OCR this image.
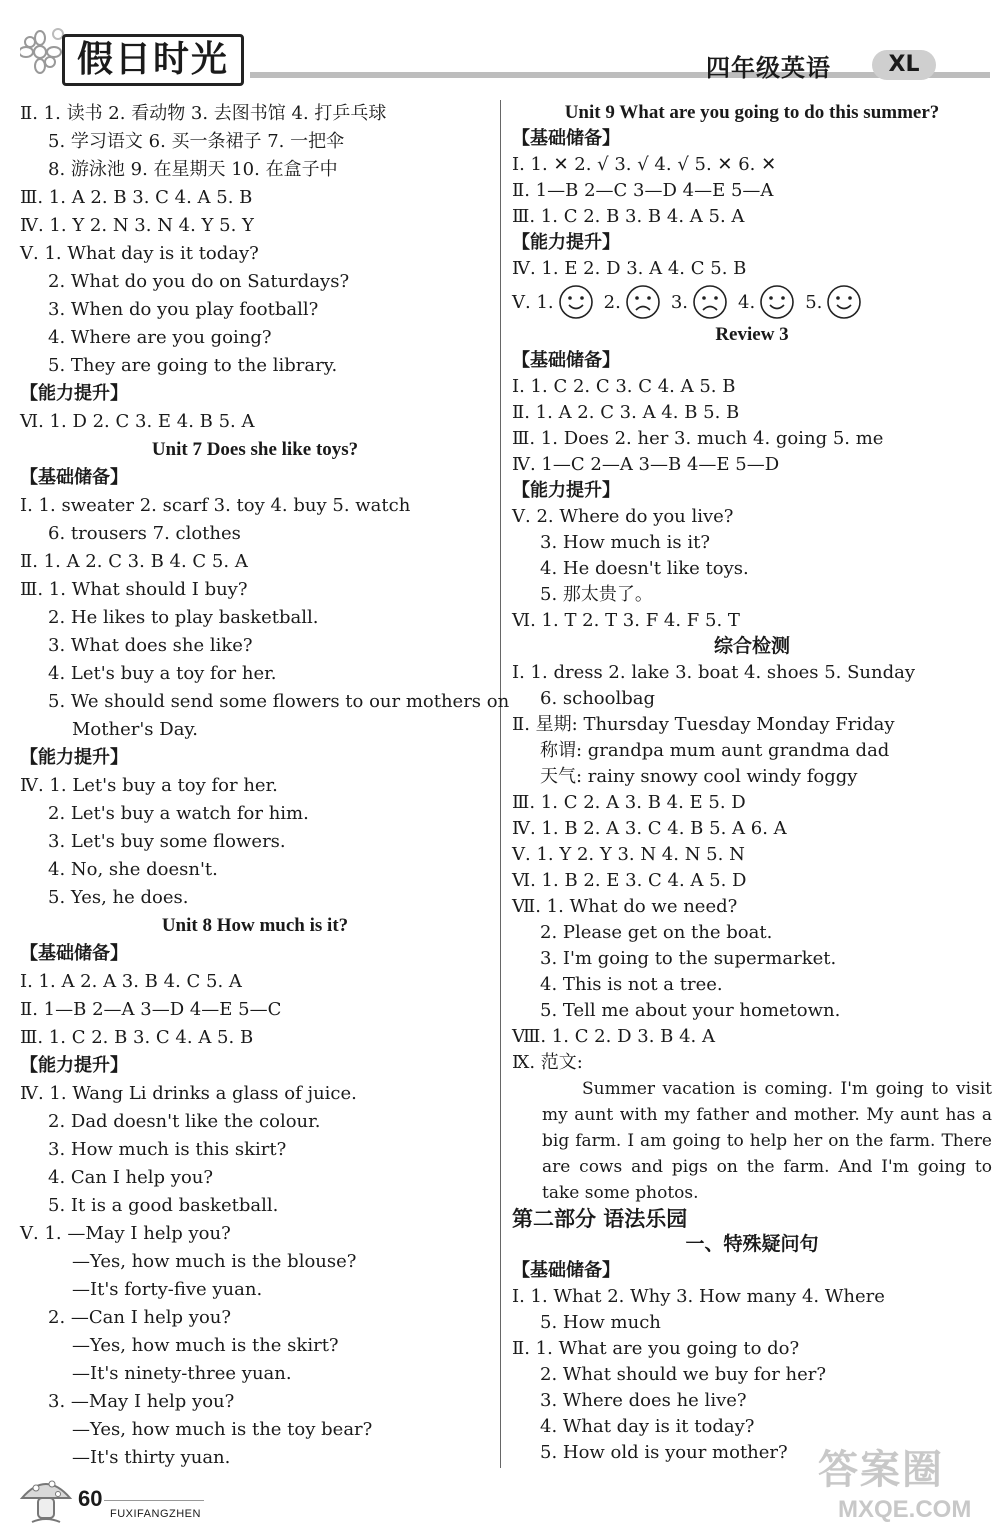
假日时光	四年级英语	XL
Ⅱ. 1. 读书 2. 看动物 3. 去图书馆 4. 打乒乓球
5. 学习语文 6. 买一条裙子 7. 一把伞
8. 游泳池 9. 在星期天 10. 在盒子中
Ⅲ. 1. A 2. B 3. C 4. A 5. B
Ⅳ. 1. Y 2. N 3. N 4. Y 5. Y
Ⅴ. 1. What day is it today?
2. What do you do on Saturdays?
3. When do you play football?
4. Where are you going?
5. They are going to the library.
【能力提升】
Ⅵ. 1. D 2. C 3. E 4. B 5. A
Unit 7 Does she like toys?
【基础储备】
Ⅰ. 1. sweater 2. scarf 3. toy 4. buy 5. watch
6. trousers 7. clothes
Ⅱ. 1. A 2. C 3. B 4. C 5. A
Ⅲ. 1. What should I buy?
2. He likes to play basketball.
3. What does she like?
4. Let's buy a toy for her.
5. We should send some flowers to our mothers on
Mother's Day.
【能力提升】
Ⅳ. 1. Let's buy a toy for her.
2. Let's buy a watch for him.
3. Let's buy some flowers.
4. No, she doesn't.
5. Yes, he does.
Unit 8 How much is it?
【基础储备】
Ⅰ. 1. A 2. A 3. B 4. C 5. A
Ⅱ. 1—B 2—A 3—D 4—E 5—C
Ⅲ. 1. C 2. B 3. C 4. A 5. B
【能力提升】
Ⅳ. 1. Wang Li drinks a glass of juice.
2. Dad doesn't like the colour.
3. How much is this skirt?
4. Can I help you?
5. It is a good basketball.
Ⅴ. 1. —May I help you?
—Yes, how much is the blouse?
—It's forty-five yuan.
2. —Can I help you?
—Yes, how much is the skirt?
—It's ninety-three yuan.
3. —May I help you?
—Yes, how much is the toy bear?
—It's thirty yuan.
Unit 9 What are you going to do this summer?
【基础储备】
Ⅰ. 1. ✕ 2. √ 3. √ 4. √ 5. ✕ 6. ✕
Ⅱ. 1—B 2—C 3—D 4—E 5—A
Ⅲ. 1. C 2. B 3. B 4. A 5. A
【能力提升】
Ⅳ. 1. E 2. D 3. A 4. C 5. B
Ⅴ. 1.	2.	3.	4.	5.
Review 3
【基础储备】
Ⅰ. 1. C 2. C 3. C 4. A 5. B
Ⅱ. 1. A 2. C 3. A 4. B 5. B
Ⅲ. 1. Does 2. her 3. much 4. going 5. me
Ⅳ. 1—C 2—A 3—B 4—E 5—D
【能力提升】
Ⅴ. 2. Where do you live?
3. How much is it?
4. He doesn't like toys.
5. 那太贵了。
Ⅵ. 1. T 2. T 3. F 4. F 5. T
综合检测
Ⅰ. 1. dress 2. lake 3. boat 4. shoes 5. Sunday
6. schoolbag
Ⅱ. 星期: Thursday Tuesday Monday Friday
称谓: grandpa mum aunt grandma dad
天气: rainy snowy cool windy foggy
Ⅲ. 1. C 2. A 3. B 4. E 5. D
Ⅳ. 1. B 2. A 3. C 4. B 5. A 6. A
Ⅴ. 1. Y 2. Y 3. N 4. N 5. N
Ⅵ. 1. B 2. E 3. C 4. A 5. D
Ⅶ. 1. What do we need?
2. Please get on the boat.
3. I'm going to the supermarket.
4. This is not a tree.
5. Tell me about your hometown.
Ⅷ. 1. C 2. D 3. B 4. A
Ⅸ. 范文:

Summer vacation is coming. I'm going to visit my aunt with my father and mother. My aunt has a big farm. I am going to help her on the farm. There are cows and pigs on the farm. And I'm going to take some photos.

第二部分 语法乐园
一、特殊疑问句
【基础储备】
Ⅰ. 1. What 2. Why 3. How many 4. Where
5. How much
Ⅱ. 1. What are you going to do?
2. What should we buy for her?
3. Where does he live?
4. What day is it today?
5. How old is your mother?
60
FUXIFANGZHEN
答案圈
MXQE.COM
